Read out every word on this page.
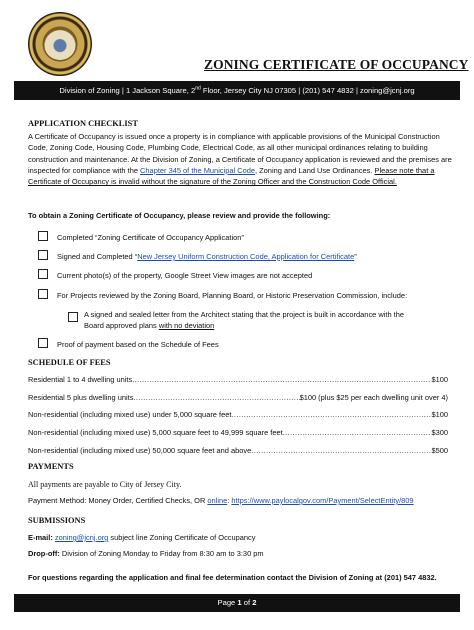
ZONING CERTIFICATE OF OCCUPANCY
Division of Zoning | 1 Jackson Square, 2nd Floor, Jersey City NJ 07305 | (201) 547 4832 | zoning@jcnj.org
APPLICATION CHECKLIST
A Certificate of Occupancy is issued once a property is in compliance with applicable provisions of the Municipal Construction Code, Zoning Code, Housing Code, Plumbing Code, Electrical Code, as all other municipal ordinances relating to building construction and maintenance. At the Division of Zoning, a Certificate of Occupancy application is reviewed and the premises are inspected for compliance with the Chapter 345 of the Municipal Code, Zoning and Land Use Ordinances. Please note that a Certificate of Occupancy is invalid without the signature of the Zoning Officer and the Construction Code Official.
To obtain a Zoning Certificate of Occupancy, please review and provide the following:
Completed “Zoning Certificate of Occupancy Application”
Signed and Completed “New Jersey Uniform Construction Code, Application for Certificate”
Current photo(s) of the property, Google Street View images are not accepted
For Projects reviewed by the Zoning Board, Planning Board, or Historic Preservation Commission, include:
A signed and sealed letter from the Architect stating that the project is built in accordance with the
Board approved plans with no deviation
Proof of payment based on the Schedule of Fees
SCHEDULE OF FEES
Residential 1 to 4 dwelling units .....	$100
Residential 5 plus dwelling units .....	$100 (plus $25 per each dwelling unit over 4)
Non-residential (including mixed use) under 5,000 square feet .....	$100
Non-residential (including mixed use) 5,000 square feet to 49,999 square feet .....	$300
Non-residential (including mixed use) 50,000 square feet and above .....	$500
PAYMENTS
All payments are payable to City of Jersey City.
Payment Method: Money Order, Certified Checks, OR online: https://www.paylocalgov.com/Payment/SelectEntity/809
SUBMISSIONS
E-mail: zoning@jcnj.org subject line Zoning Certificate of Occupancy
Drop-off: Division of Zoning Monday to Friday from 8:30 am to 3:30 pm
For questions regarding the application and final fee determination contact the Division of Zoning at (201) 547 4832.
Page 1 of 2
